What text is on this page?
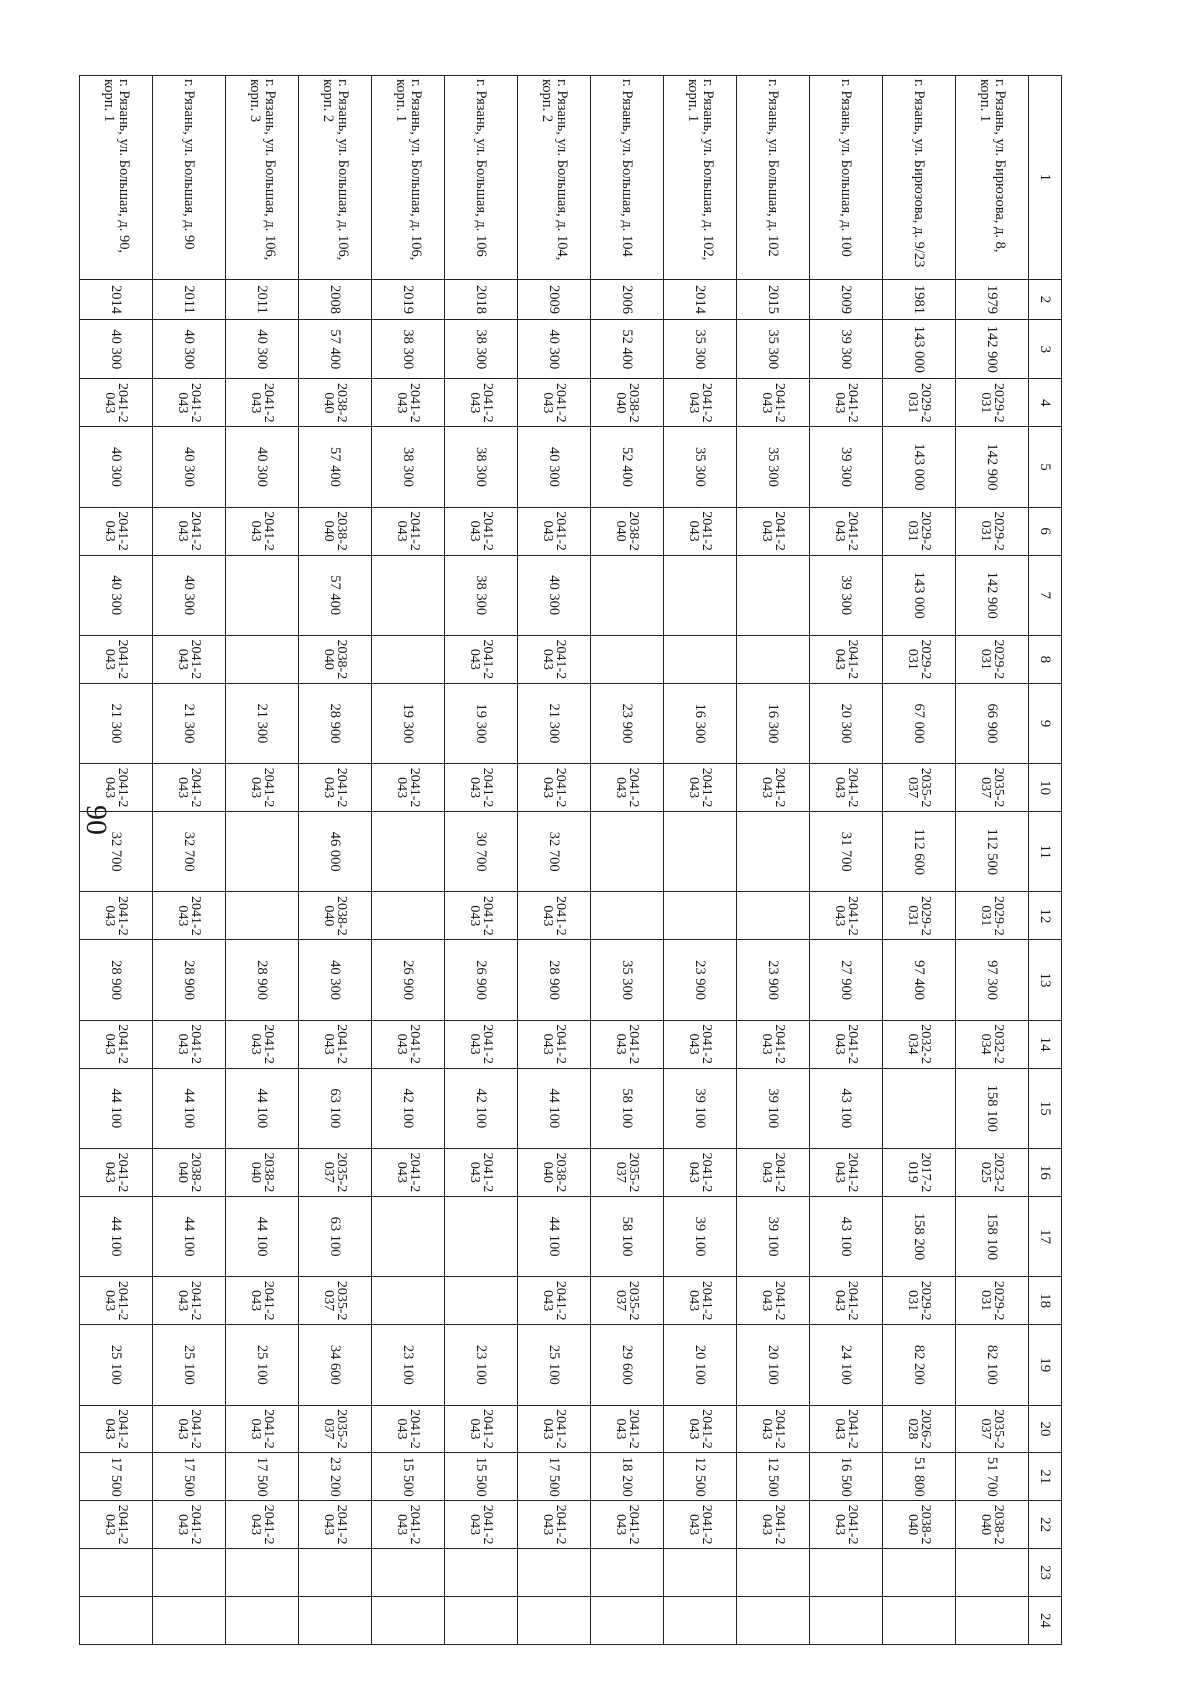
90
1	2	3	4	5	6	7	8	9	10	11	12	13	14	15	16	17	18	19	20	21	22	23	24
г. Рязань, ул. Бирюзова, д. 8, корп. 1	1979	142 900	2029-2031	142 900	2029-2031	142 900	2029-2031	66 900	2035-2037	112 500	2029-2031	97 300	2032-2034	158 100	2023-2025	158 100	2029-2031	82 100	2035-2037	51 700	2038-2040		
г. Рязань, ул. Бирюзова, д. 9/23	1981	143 000	2029-2031	143 000	2029-2031	143 000	2029-2031	67 000	2035-2037	112 600	2029-2031	97 400	2032-2034		2017-2019	158 200	2029-2031	82 200	2026-2028	51 800	2038-2040		
г. Рязань, ул. Большая, д. 100	2009	39 300	2041-2043	39 300	2041-2043	39 300	2041-2043	20 300	2041-2043	31 700	2041-2043	27 900	2041-2043	43 100	2041-2043	43 100	2041-2043	24 100	2041-2043	16 500	2041-2043		
г. Рязань, ул. Большая, д. 102	2015	35 300	2041-2043	35 300	2041-2043			16 300	2041-2043			23 900	2041-2043	39 100	2041-2043	39 100	2041-2043	20 100	2041-2043	12 500	2041-2043		
г. Рязань, ул. Большая, д. 102, корп. 1	2014	35 300	2041-2043	35 300	2041-2043			16 300	2041-2043			23 900	2041-2043	39 100	2041-2043	39 100	2041-2043	20 100	2041-2043	12 500	2041-2043		
г. Рязань, ул. Большая, д. 104	2006	52 400	2038-2040	52 400	2038-2040			23 900	2041-2043			35 300	2041-2043	58 100	2035-2037	58 100	2035-2037	29 600	2041-2043	18 200	2041-2043		
г. Рязань, ул. Большая, д. 104, корп. 2	2009	40 300	2041-2043	40 300	2041-2043	40 300	2041-2043	21 300	2041-2043	32 700	2041-2043	28 900	2041-2043	44 100	2038-2040	44 100	2041-2043	25 100	2041-2043	17 500	2041-2043		
г. Рязань, ул. Большая, д. 106	2018	38 300	2041-2043	38 300	2041-2043	38 300	2041-2043	19 300	2041-2043	30 700	2041-2043	26 900	2041-2043	42 100	2041-2043			23 100	2041-2043	15 500	2041-2043		
г. Рязань, ул. Большая, д. 106, корп. 1	2019	38 300	2041-2043	38 300	2041-2043			19 300	2041-2043			26 900	2041-2043	42 100	2041-2043			23 100	2041-2043	15 500	2041-2043		
г. Рязань, ул. Большая, д. 106, корп. 2	2008	57 400	2038-2040	57 400	2038-2040	57 400	2038-2040	28 900	2041-2043	46 000	2038-2040	40 300	2041-2043	63 100	2035-2037	63 100	2035-2037	34 600	2035-2037	23 200	2041-2043		
г. Рязань, ул. Большая, д. 106, корп. 3	2011	40 300	2041-2043	40 300	2041-2043			21 300	2041-2043			28 900	2041-2043	44 100	2038-2040	44 100	2041-2043	25 100	2041-2043	17 500	2041-2043		
г. Рязань, ул. Большая, д. 90	2011	40 300	2041-2043	40 300	2041-2043	40 300	2041-2043	21 300	2041-2043	32 700	2041-2043	28 900	2041-2043	44 100	2038-2040	44 100	2041-2043	25 100	2041-2043	17 500	2041-2043		
г. Рязань, ул. Большая, д. 90, корп. 1	2014	40 300	2041-2043	40 300	2041-2043	40 300	2041-2043	21 300	2041-2043	32 700	2041-2043	28 900	2041-2043	44 100	2041-2043	44 100	2041-2043	25 100	2041-2043	17 500	2041-2043		
